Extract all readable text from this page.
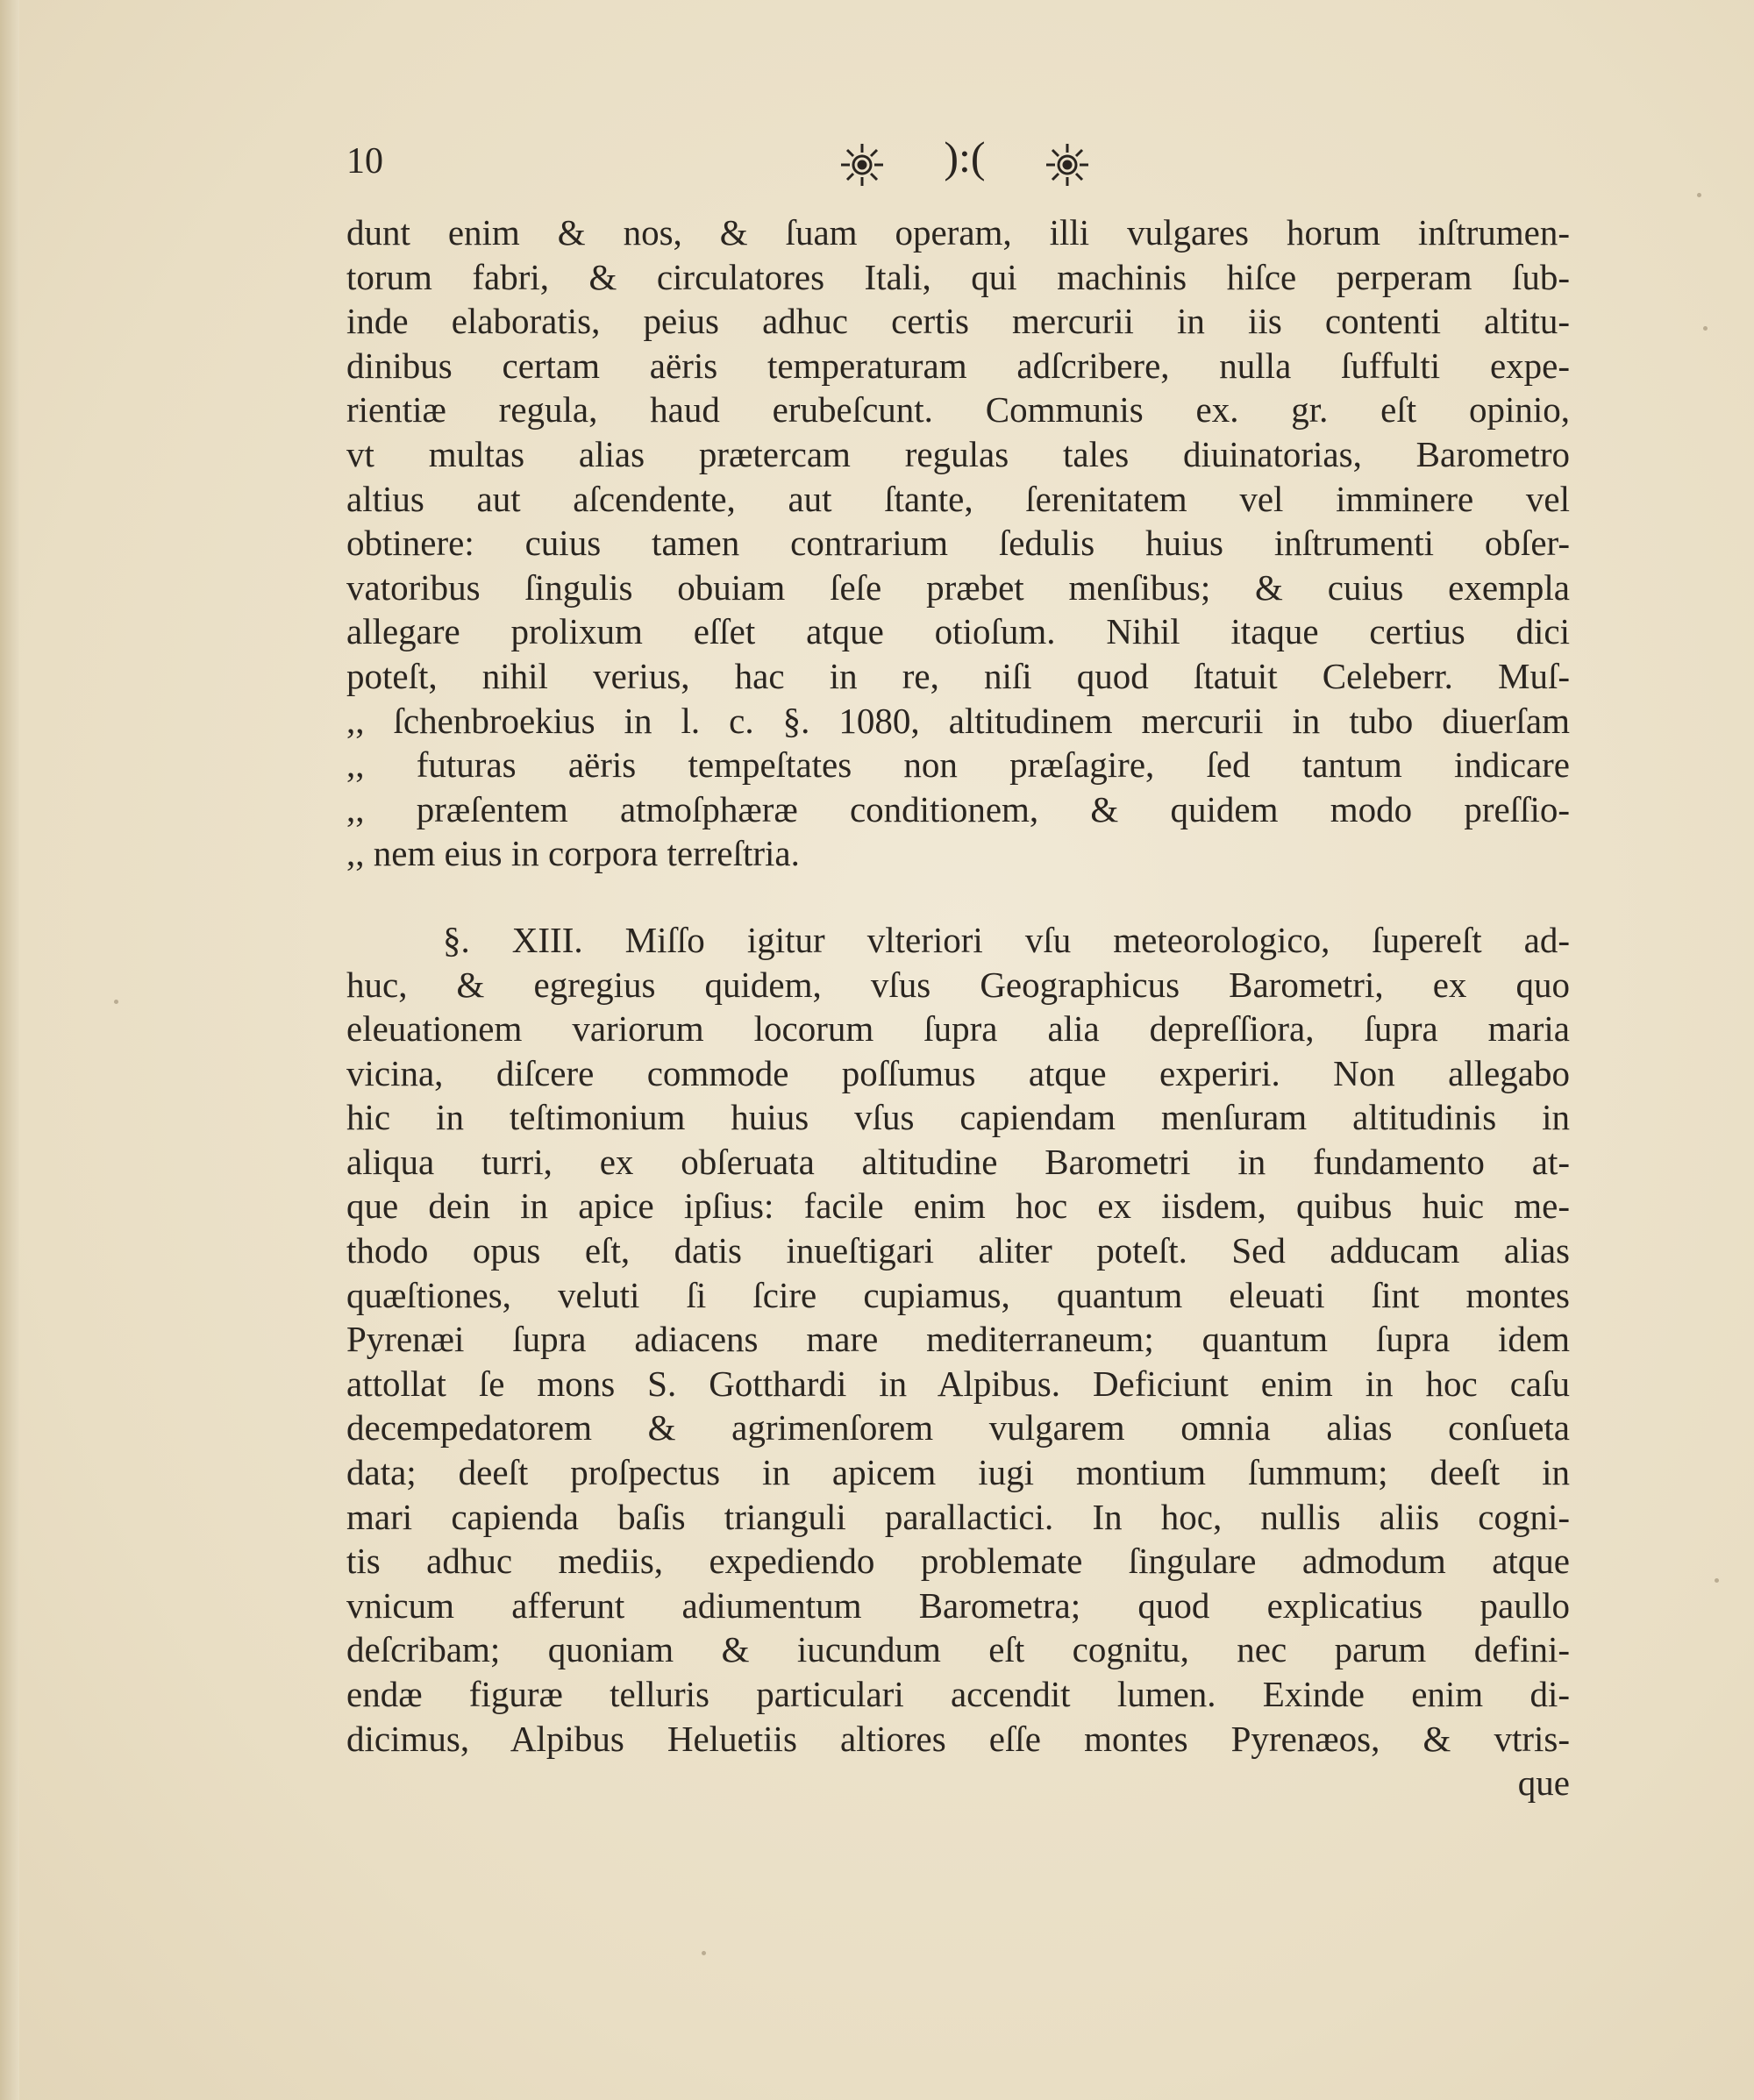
10	):(
dunt enim & nos, & ſuam operam, illi vulgares horum inſtrumen-
torum fabri, & circulatores Itali, qui machinis hiſce perperam ſub-
inde elaboratis, peius adhuc certis mercurii in iis contenti altitu-
dinibus certam aëris temperaturam adſcribere, nulla ſuffulti expe-
rientiæ regula, haud erubeſcunt. Communis ex. gr. eſt opinio,
vt multas alias prætercam regulas tales diuinatorias, Barometro
altius aut aſcendente, aut ſtante, ſerenitatem vel imminere vel
obtinere: cuius tamen contrarium ſedulis huius inſtrumenti obſer-
vatoribus ſingulis obuiam ſeſe præbet menſibus; & cuius exempla
allegare prolixum eſſet atque otioſum. Nihil itaque certius dici
poteſt, nihil verius, hac in re, niſi quod ſtatuit Celeberr. Muſ-
,, ſchenbroekius in l. c. §. 1080, altitudinem mercurii in tubo diuerſam
,, futuras aëris tempeſtates non præſagire, ſed tantum indicare
,, præſentem atmoſphæræ conditionem, & quidem modo preſſio-
,, nem eius in corpora terreſtria.
§. XIII. Miſſo igitur vlteriori vſu meteorologico, ſupereſt ad-
huc, & egregius quidem, vſus Geographicus Barometri, ex quo
eleuationem variorum locorum ſupra alia depreſſiora, ſupra maria
vicina, diſcere commode poſſumus atque experiri. Non allegabo
hic in teſtimonium huius vſus capiendam menſuram altitudinis in
aliqua turri, ex obſeruata altitudine Barometri in fundamento at-
que dein in apice ipſius: facile enim hoc ex iisdem, quibus huic me-
thodo opus eſt, datis inueſtigari aliter poteſt. Sed adducam alias
quæſtiones, veluti ſi ſcire cupiamus, quantum eleuati ſint montes
Pyrenæi ſupra adiacens mare mediterraneum; quantum ſupra idem
attollat ſe mons S. Gotthardi in Alpibus. Deficiunt enim in hoc caſu
decempedatorem & agrimenſorem vulgarem omnia alias conſueta
data; deeſt proſpectus in apicem iugi montium ſummum; deeſt in
mari capienda baſis trianguli parallactici. In hoc, nullis aliis cogni-
tis adhuc mediis, expediendo problemate ſingulare admodum atque
vnicum afferunt adiumentum Barometra; quod explicatius paullo
deſcribam; quoniam & iucundum eſt cognitu, nec parum defini-
endæ figuræ telluris particulari accendit lumen. Exinde enim di-
dicimus, Alpibus Heluetiis altiores eſſe montes Pyrenæos, & vtris-
que
